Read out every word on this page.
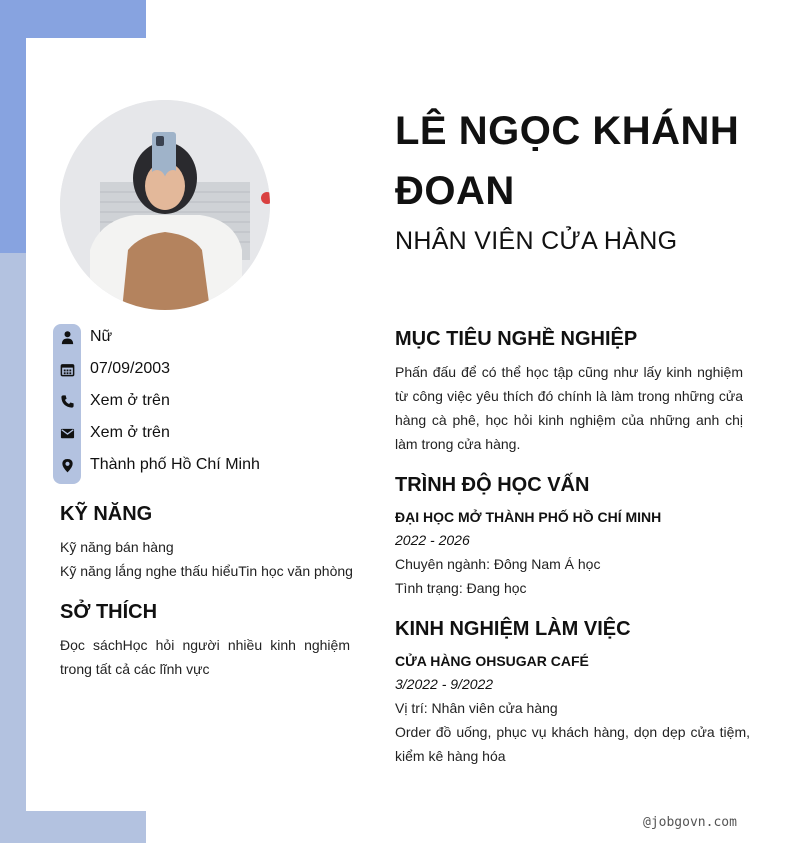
Nữ
07/09/2003
Xem ở trên
Xem ở trên
Thành phố Hồ Chí Minh
KỸ NĂNG
Kỹ năng bán hàng
Kỹ năng lắng nghe thấu hiểuTin học văn phòng
SỞ THÍCH
Đọc sáchHọc hỏi người nhiều kinh nghiệm trong tất cả các lĩnh vực
LÊ NGỌC KHÁNH ĐOAN
NHÂN VIÊN CỬA HÀNG
MỤC TIÊU NGHỀ NGHIỆP
Phấn đấu để có thể học tập cũng như lấy kinh nghiệm từ công việc yêu thích đó chính là làm trong những cửa hàng cà phê, học hỏi kinh nghiệm của những anh chị làm trong cửa hàng.
TRÌNH ĐỘ HỌC VẤN
ĐẠI HỌC MỞ THÀNH PHỐ HỒ CHÍ MINH
2022 - 2026
Chuyên ngành: Đông Nam Á học
Tình trạng: Đang học
KINH NGHIỆM LÀM VIỆC
CỬA HÀNG OHSUGAR CAFÉ
3/2022 - 9/2022
Vị trí: Nhân viên cửa hàng
Order đồ uống, phục vụ khách hàng, dọn dẹp cửa tiệm, kiểm kê hàng hóa
@jobgovn.com
